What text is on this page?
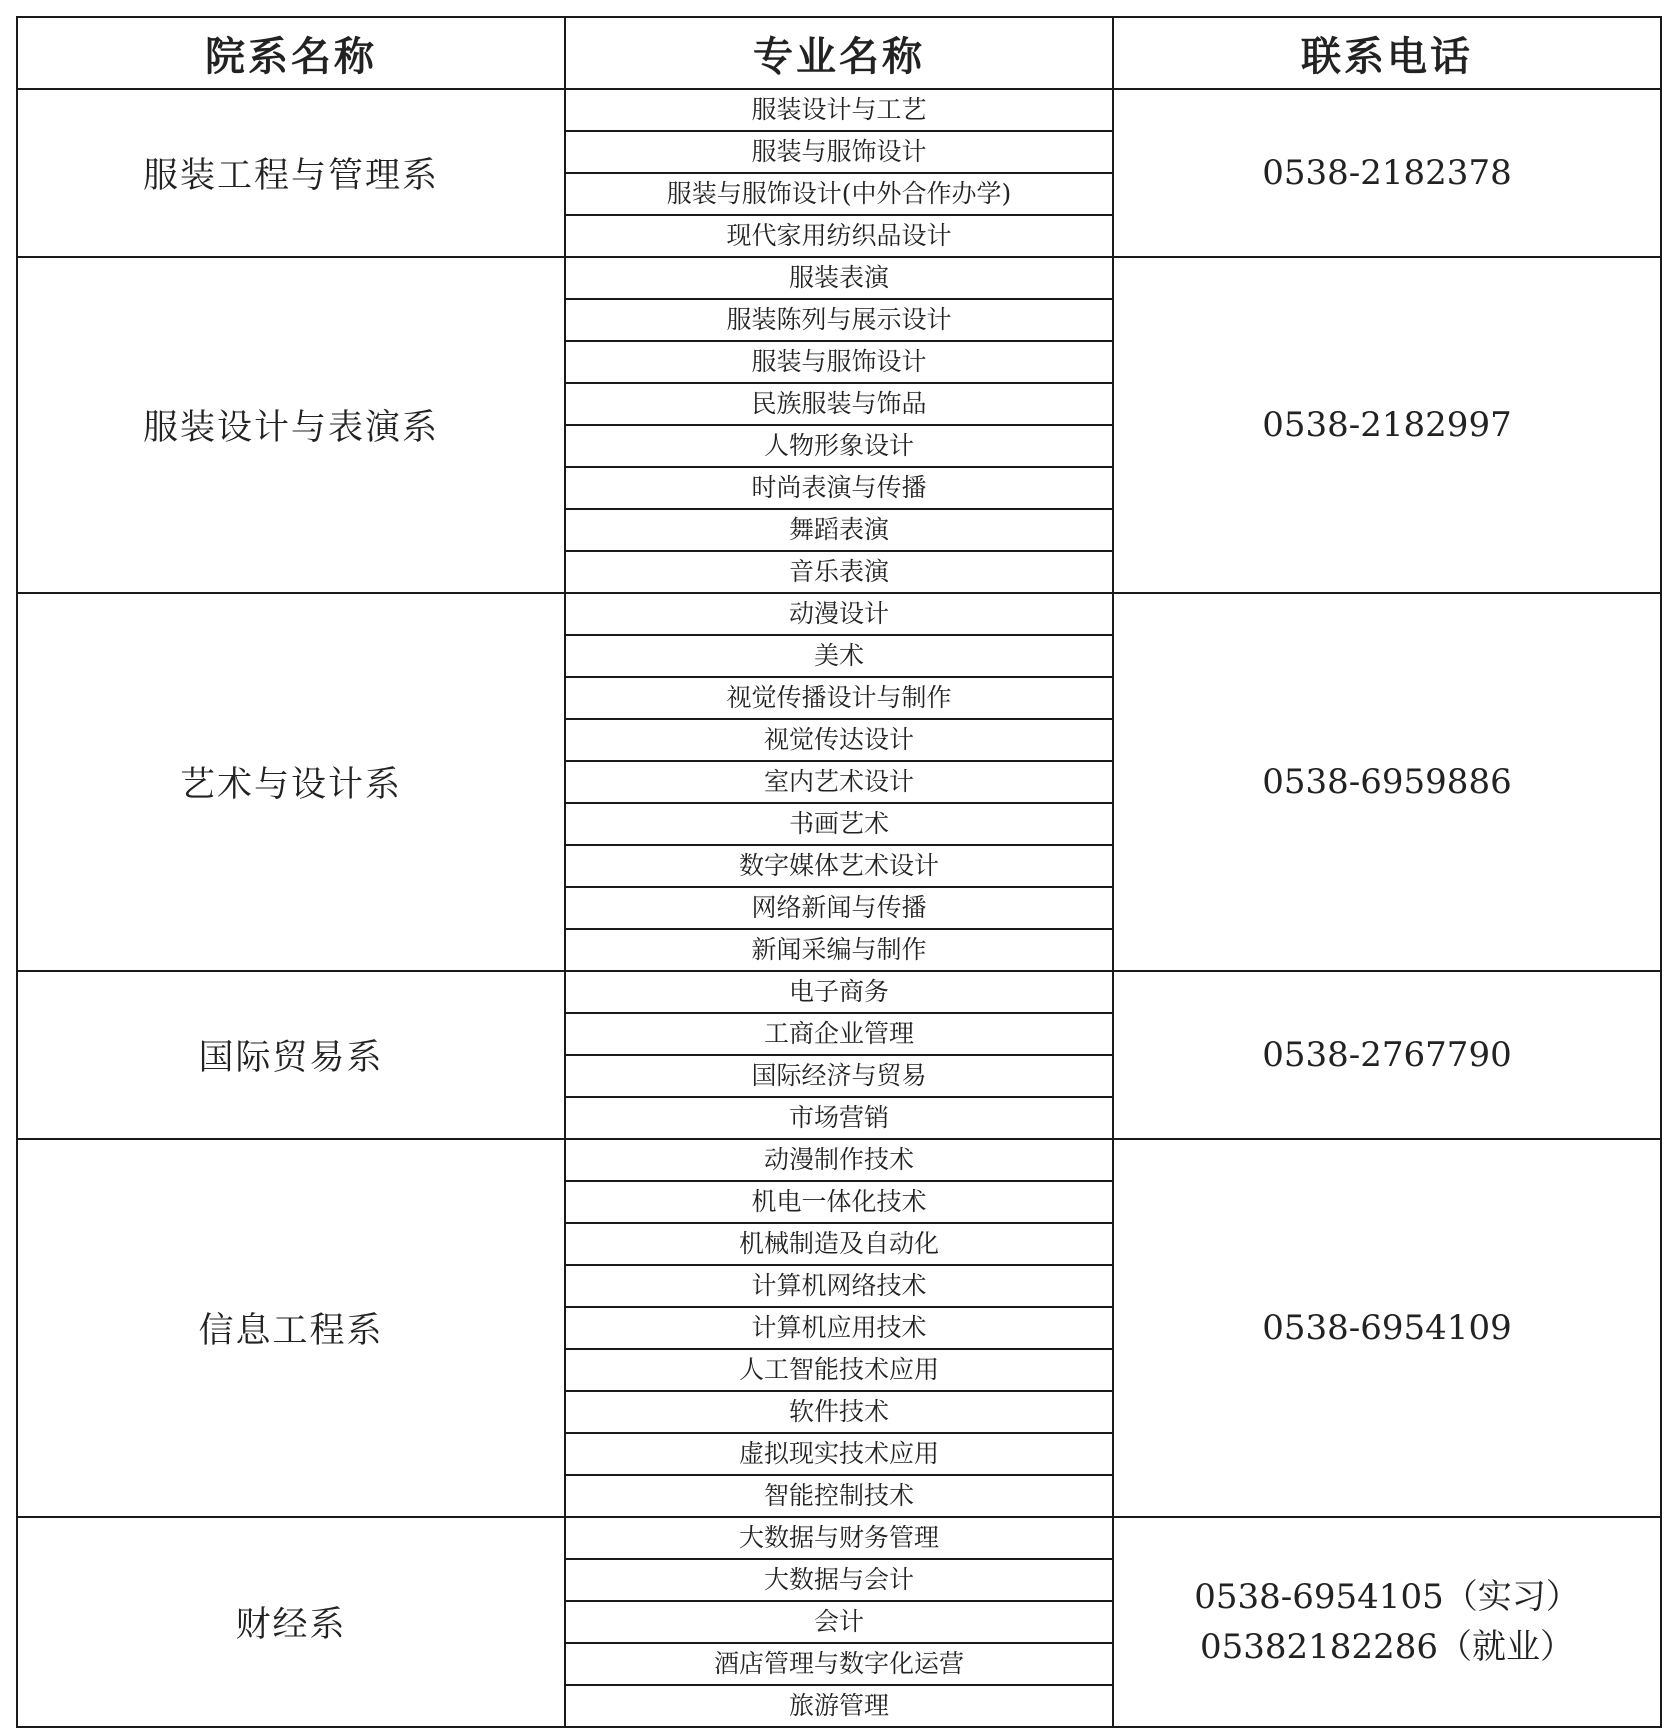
院系名称	专业名称	联系电话
服装工程与管理系	服装设计与工艺	0538-2182378

	服装与服饰设计	
	服装与服饰设计(中外合作办学)	
	现代家用纺织品设计	
服装设计与表演系	服装表演	0538-2182997

	服装陈列与展示设计	
	服装与服饰设计	
	民族服装与饰品	
	人物形象设计	
	时尚表演与传播	
	舞蹈表演	
	音乐表演	
艺术与设计系	动漫设计	0538-6959886

	美术	
	视觉传播设计与制作	
	视觉传达设计	
	室内艺术设计	
	书画艺术	
	数字媒体艺术设计	
	网络新闻与传播	
	新闻采编与制作	
国际贸易系	电子商务	0538-2767790

	工商企业管理	
	国际经济与贸易	
	市场营销	
信息工程系	动漫制作技术	0538-6954109

	机电一体化技术	
	机械制造及自动化	
	计算机网络技术	
	计算机应用技术	
	人工智能技术应用	
	软件技术	
	虚拟现实技术应用	
	智能控制技术	
财经系	大数据与财务管理	0538-6954105（实习）
05382182286（就业）

	大数据与会计	
	会计	
	酒店管理与数字化运营	
	旅游管理	
